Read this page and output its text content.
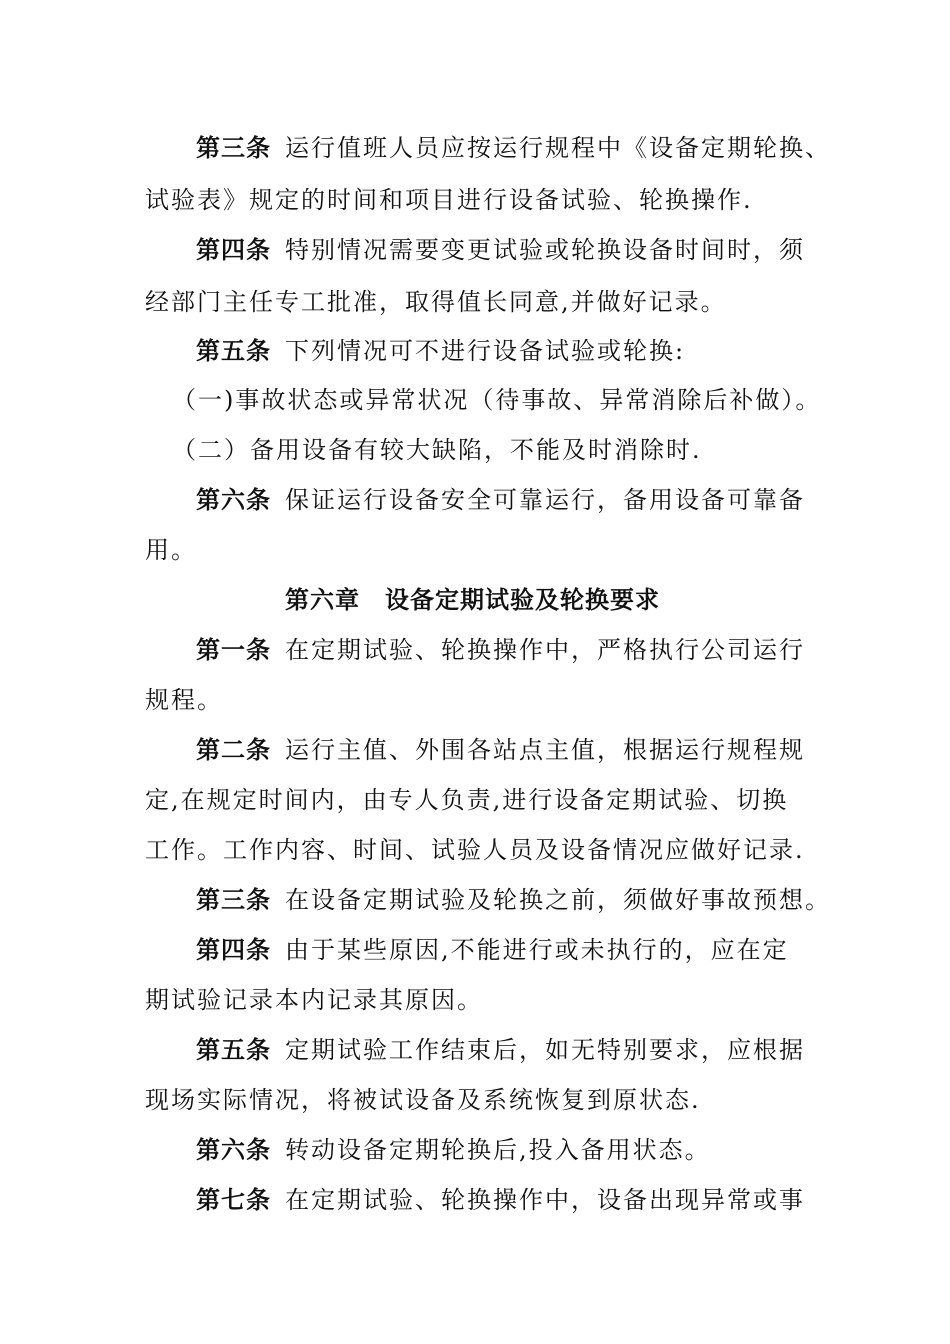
第三条 运行值班人员应按运行规程中《设备定期轮换、
试验表》规定的时间和项目进行设备试验、轮换操作.
第四条 特别情况需要变更试验或轮换设备时间时，须
经部门主任专工批准，取得值长同意,并做好记录。
第五条 下列情况可不进行设备试验或轮换:
（一)事故状态或异常状况（待事故、异常消除后补做）。
（二）备用设备有较大缺陷，不能及时消除时.
第六条 保证运行设备安全可靠运行，备用设备可靠备
用。
第六章　设备定期试验及轮换要求
第一条 在定期试验、轮换操作中，严格执行公司运行
规程。
第二条 运行主值、外围各站点主值，根据运行规程规
定,在规定时间内，由专人负责,进行设备定期试验、切换
工作。工作内容、时间、试验人员及设备情况应做好记录.
第三条 在设备定期试验及轮换之前，须做好事故预想。
第四条 由于某些原因,不能进行或未执行的，应在定
期试验记录本内记录其原因。
第五条 定期试验工作结束后，如无特别要求，应根据
现场实际情况，将被试设备及系统恢复到原状态.
第六条 转动设备定期轮换后,投入备用状态。
第七条 在定期试验、轮换操作中，设备出现异常或事
